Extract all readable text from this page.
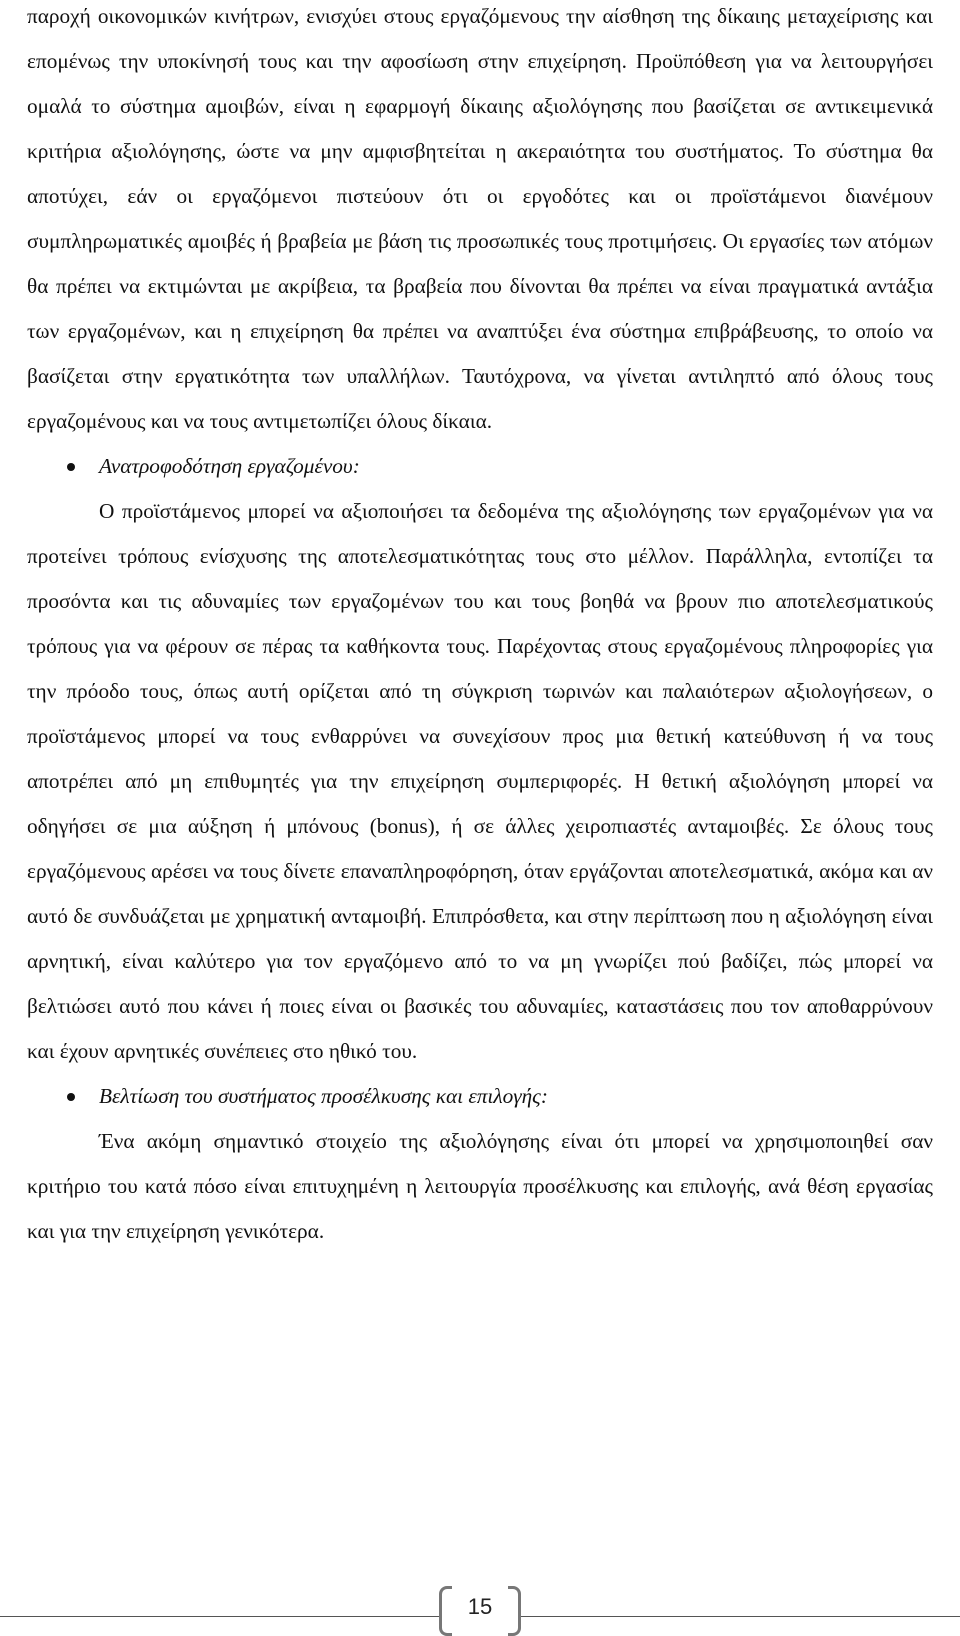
παροχή οικονομικών κινήτρων, ενισχύει στους εργαζόμενους την αίσθηση της δίκαιης μεταχείρισης και επομένως την υποκίνησή τους και την αφοσίωση στην επιχείρηση. Προϋπόθεση για να λειτουργήσει ομαλά το σύστημα αμοιβών, είναι η εφαρμογή δίκαιης αξιολόγησης που βασίζεται σε αντικειμενικά κριτήρια αξιολόγησης, ώστε να μην αμφισβητείται η ακεραιότητα του συστήματος. Το σύστημα θα αποτύχει, εάν οι εργαζόμενοι πιστεύουν ότι οι εργοδότες και οι προϊστάμενοι διανέμουν συμπληρωματικές αμοιβές ή βραβεία με βάση τις προσωπικές τους προτιμήσεις. Οι εργασίες των ατόμων θα πρέπει να εκτιμώνται με ακρίβεια, τα βραβεία που δίνονται θα πρέπει να είναι πραγματικά αντάξια των εργαζομένων, και η επιχείρηση θα πρέπει να αναπτύξει ένα σύστημα επιβράβευσης, το οποίο να βασίζεται στην εργατικότητα των υπαλλήλων. Ταυτόχρονα, να γίνεται αντιληπτό από όλους τους εργαζομένους και να τους αντιμετωπίζει όλους δίκαια.

Ανατροφοδότηση εργαζομένου:

Ο προϊστάμενος μπορεί να αξιοποιήσει τα δεδομένα της αξιολόγησης των εργαζομένων για να προτείνει τρόπους ενίσχυσης της αποτελεσματικότητας τους στο μέλλον. Παράλληλα, εντοπίζει τα προσόντα και τις αδυναμίες των εργαζομένων του και τους βοηθά να βρουν πιο αποτελεσματικούς τρόπους για να φέρουν σε πέρας τα καθήκοντα τους. Παρέχοντας στους εργαζομένους πληροφορίες για την πρόοδο τους, όπως αυτή ορίζεται από τη σύγκριση τωρινών και παλαιότερων αξιολογήσεων, ο προϊστάμενος μπορεί να τους ενθαρρύνει να συνεχίσουν προς μια θετική κατεύθυνση ή να τους αποτρέπει από μη επιθυμητές για την επιχείρηση συμπεριφορές. Η θετική αξιολόγηση μπορεί να οδηγήσει σε μια αύξηση ή μπόνους (bonus), ή σε άλλες χειροπιαστές ανταμοιβές. Σε όλους τους εργαζόμενους αρέσει να τους δίνετε επαναπληροφόρηση, όταν εργάζονται αποτελεσματικά, ακόμα και αν αυτό δε συνδυάζεται με χρηματική ανταμοιβή. Επιπρόσθετα, και στην περίπτωση που η αξιολόγηση είναι αρνητική, είναι καλύτερο για τον εργαζόμενο από το να μη γνωρίζει πού βαδίζει, πώς μπορεί να βελτιώσει αυτό που κάνει ή ποιες είναι οι βασικές του αδυναμίες, καταστάσεις που τον αποθαρρύνουν και έχουν αρνητικές συνέπειες στο ηθικό του.

Βελτίωση του συστήματος προσέλκυσης και επιλογής:

Ένα ακόμη σημαντικό στοιχείο της αξιολόγησης είναι ότι μπορεί να χρησιμοποιηθεί σαν κριτήριο του κατά πόσο είναι επιτυχημένη η λειτουργία προσέλκυσης και επιλογής, ανά θέση εργασίας και για την επιχείρηση γενικότερα.

15
